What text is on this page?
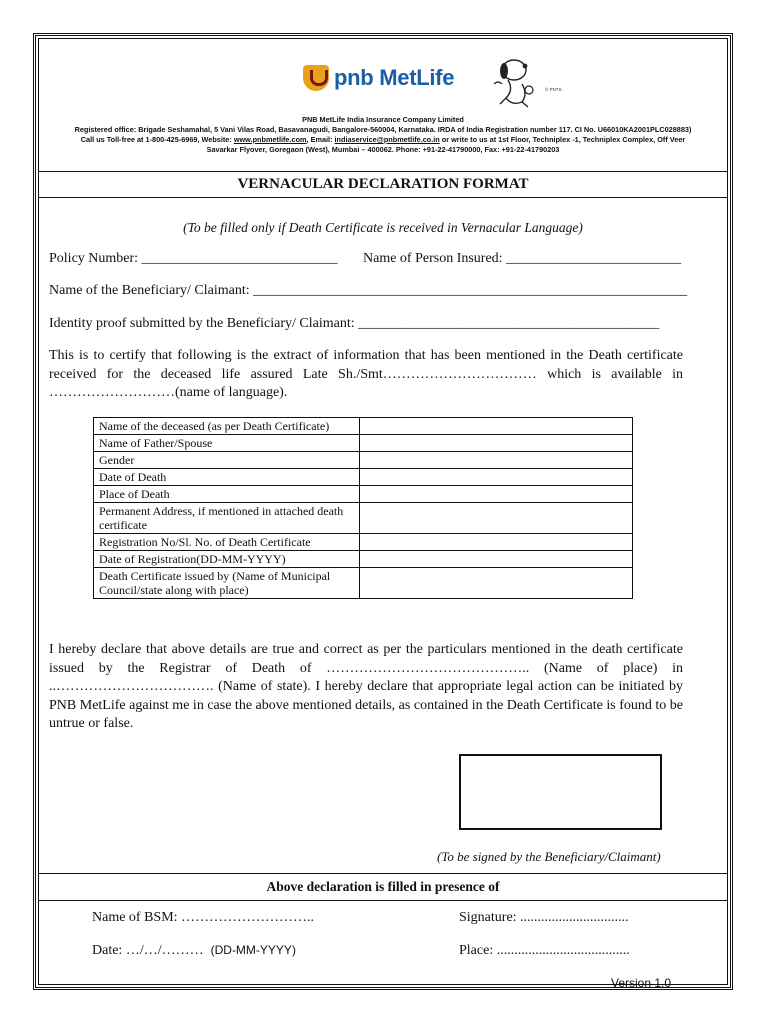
pnb MetLife	© PNTS
PNB MetLife India Insurance Company Limited
Registered office: Brigade Seshamahal, 5 Vani Vilas Road, Basavanagudi, Bangalore-560004, Karnataka. IRDA of India Registration number 117. CI No. U66010KA2001PLC028883)
Call us Toll-free at 1-800-425-6969, Website: www.pnbmetlife.com, Email: indiaservice@pnbmetlife.co.in or write to us at 1st Floor, Techniplex -1, Techniplex Complex, Off Veer
Savarkar Flyover, Goregaon (West), Mumbai – 400062. Phone: +91-22-41790000, Fax: +91-22-41790203
VERNACULAR DECLARATION FORMAT
(To be filled only if Death Certificate is received in Vernacular Language)
Policy Number: ____________________________ Name of Person Insured: _________________________
Name of the Beneficiary/ Claimant: ______________________________________________________________
Identity proof submitted by the Beneficiary/ Claimant: ___________________________________________
This is to certify that following is the extract of information that has been mentioned in the Death certificate received for the deceased life assured Late Sh./Smt…………………………… which is available in ………………………(name of language).
Name of the deceased (as per Death Certificate)	
Name of Father/Spouse	
Gender	
Date of Death	
Place of Death	
Permanent Address, if mentioned in attached death certificate	
Registration No/Sl. No. of Death Certificate	
Date of Registration(DD-MM-YYYY)	
Death Certificate issued by (Name of Municipal Council/state along with place)	
I hereby declare that above details are true and correct as per the particulars mentioned in the death certificate issued by the Registrar of Death of …………………………………….. (Name of place) in ..……………………………. (Name of state). I hereby declare that appropriate legal action can be initiated by PNB MetLife against me in case the above mentioned details, as contained in the Death Certificate is found to be untrue or false.
(To be signed by the Beneficiary/Claimant)
Above declaration is filled in presence of
Name of BSM: ………………………..	Signature: ...............................
Date: …/…/……… (DD-MM-YYYY)	Place: ......................................
Version 1.0
